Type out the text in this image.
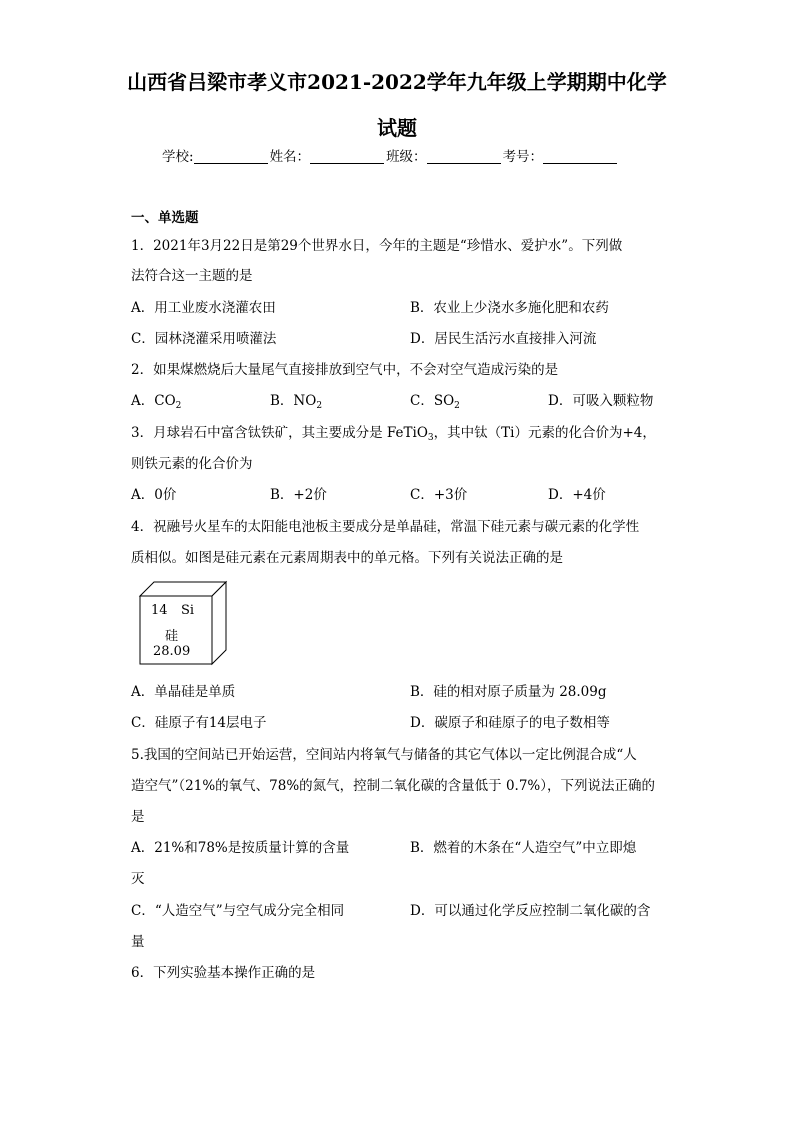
山西省吕梁市孝义市2021-2022学年九年级上学期期中化学
试题
学校:	姓名：	班级：	考号：
一、单选题
1．2021年3月22日是第29个世界水日，今年的主题是“珍惜水、爱护水”。下列做
法符合这一主题的是
A．用工业废水浇灌农田	B．农业上少浇水多施化肥和农药
C．园林浇灌采用喷灌法	D．居民生活污水直接排入河流
2．如果煤燃烧后大量尾气直接排放到空气中，不会对空气造成污染的是
A．$CO_2$	B．$NO_2$	C．$SO_2$	D．可吸入颗粒物
3．月球岩石中富含钛铁矿，其主要成分是 FeTiO$_3$，其中钛（Ti）元素的化合价为+4，
则铁元素的化合价为
A．0价	B．+2价	C．+3价	D．+4价
4．祝融号火星车的太阳能电池板主要成分是单晶硅，常温下硅元素与碳元素的化学性
质相似。如图是硅元素在元素周期表中的单元格。下列有关说法正确的是
14 Si
硅
28.09
A．单晶硅是单质	B．硅的相对原子质量为 28.09g
C．硅原子有14层电子	D．碳原子和硅原子的电子数相等
5.我国的空间站已开始运营，空间站内将氧气与储备的其它气体以一定比例混合成“人
造空气”（21%的氧气、78%的氮气，控制二氧化碳的含量低于 0.7%），下列说法正确的
是
A．21%和78%是按质量计算的含量	B．燃着的木条在“人造空气”中立即熄
灭
C．“人造空气”与空气成分完全相同	D．可以通过化学反应控制二氧化碳的含
量
6．下列实验基本操作正确的是
